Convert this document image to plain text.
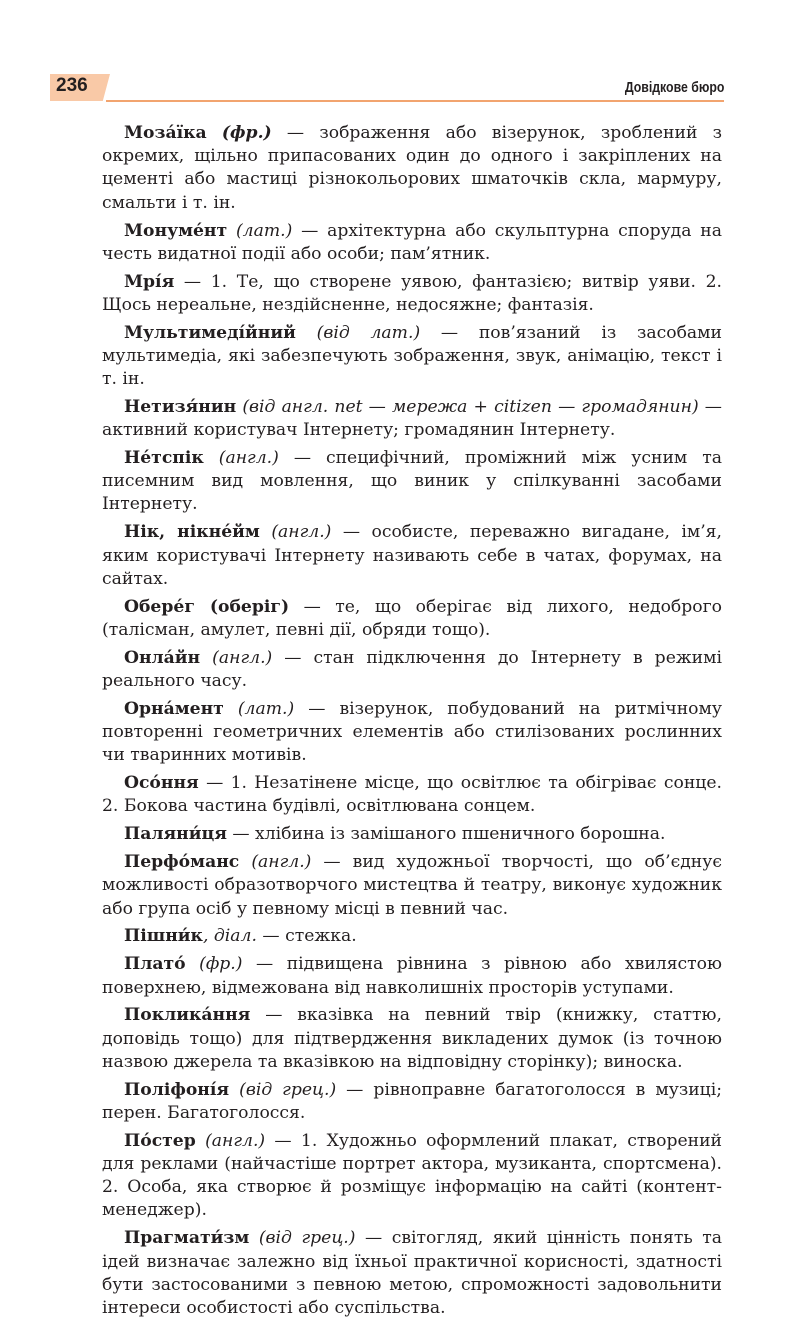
236	Довідкове бюро

Моза́їка (фр.) — зображення або візерунок, зроблений з окремих, щільно припасованих один до одного і закріплених на цементі або мастиці різнокольорових шматочків скла, мармуру, смальти і т. ін.

Монуме́нт (лат.) — архітектурна або скульптурна споруда на честь видатної події або особи; пам’ятник.

Мрі́я — 1. Те, що створене уявою, фантазією; витвір уяви. 2. Щось нереальне, нездійсненне, недосяжне; фантазія.

Мультимеді́йний (від лат.) — пов’язаний із засобами мультимедіа, які забезпечують зображення, звук, анімацію, текст і т. ін.

Нетизя́нин (від англ. net — мережа + citizen — громадянин) — активний користувач Інтернету; громадянин Інтернету.

Не́тспік (англ.) — специфічний, проміжний між усним та писемним вид мовлення, що виник у спілкуванні засобами Інтернету.

Нік, нікне́йм (англ.) — особисте, переважно вигадане, ім’я, яким користувачі Інтернету називають себе в чатах, форумах, на сайтах.

Обере́г (оберіг) — те, що оберігає від лихого, недоброго (талісман, амулет, певні дії, обряди тощо).

Онла́йн (англ.) — стан підключення до Інтернету в режимі реального часу.

Орна́мент (лат.) — візерунок, побудований на ритмічному повторенні геометричних елементів або стилізованих рослинних чи тваринних мотивів.

Осо́ння — 1. Незатінене місце, що освітлює та обігріває сонце. 2. Бокова частина будівлі, освітлювана сонцем.

Паляни́ця — хлібина із замішаного пшеничного борошна.

Перфо́манс (англ.) — вид художньої творчості, що об’єднує можливості образотворчого мистецтва й театру, виконує художник або група осіб у певному місці в певний час.

Пішни́к, діал. — стежка.

Плато́ (фр.) — підвищена рівнина з рівною або хвилястою поверхнею, відмежована від навколишніх просторів уступами.

Поклика́ння — вказівка на певний твір (книжку, статтю, доповідь тощо) для підтвердження викладених думок (із точною назвою джерела та вказівкою на відповідну сторінку); виноска.

Поліфоні́я (від грец.) — рівноправне багатоголосся в музиці; перен. Багатоголосся.

По́стер (англ.) — 1. Художньо оформлений плакат, створений для реклами (найчастіше портрет актора, музиканта, спортсмена). 2. Особа, яка створює й розміщує інформацію на сайті (контент-менеджер).

Прагмати́зм (від грец.) — світогляд, який цінність понять та ідей визначає залежно від їхньої практичної корисності, здатності бути застосованими з певною метою, спроможності задовольнити інтереси особистості або суспільства.
